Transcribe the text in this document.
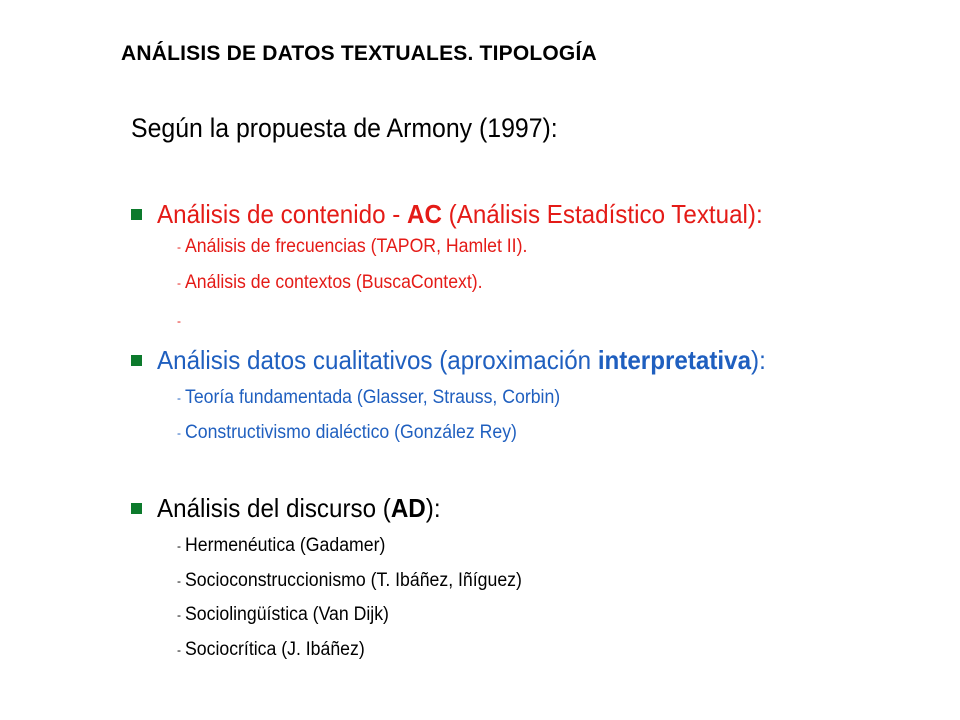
ANÁLISIS DE DATOS TEXTUALES. TIPOLOGÍA
Según la propuesta de Armony (1997):
Análisis de contenido - AC (Análisis Estadístico Textual):
- Análisis de frecuencias (TAPOR, Hamlet II).
- Análisis de contextos (BuscaContext).
-
Análisis datos cualitativos (aproximación interpretativa):
- Teoría fundamentada (Glasser, Strauss, Corbin)
- Constructivismo dialéctico (González Rey)
Análisis del discurso (AD):
- Hermenéutica (Gadamer)
- Socioconstruccionismo (T. Ibáñez, Iñíguez)
- Sociolingüística (Van Dijk)
- Sociocrítica (J. Ibáñez)
